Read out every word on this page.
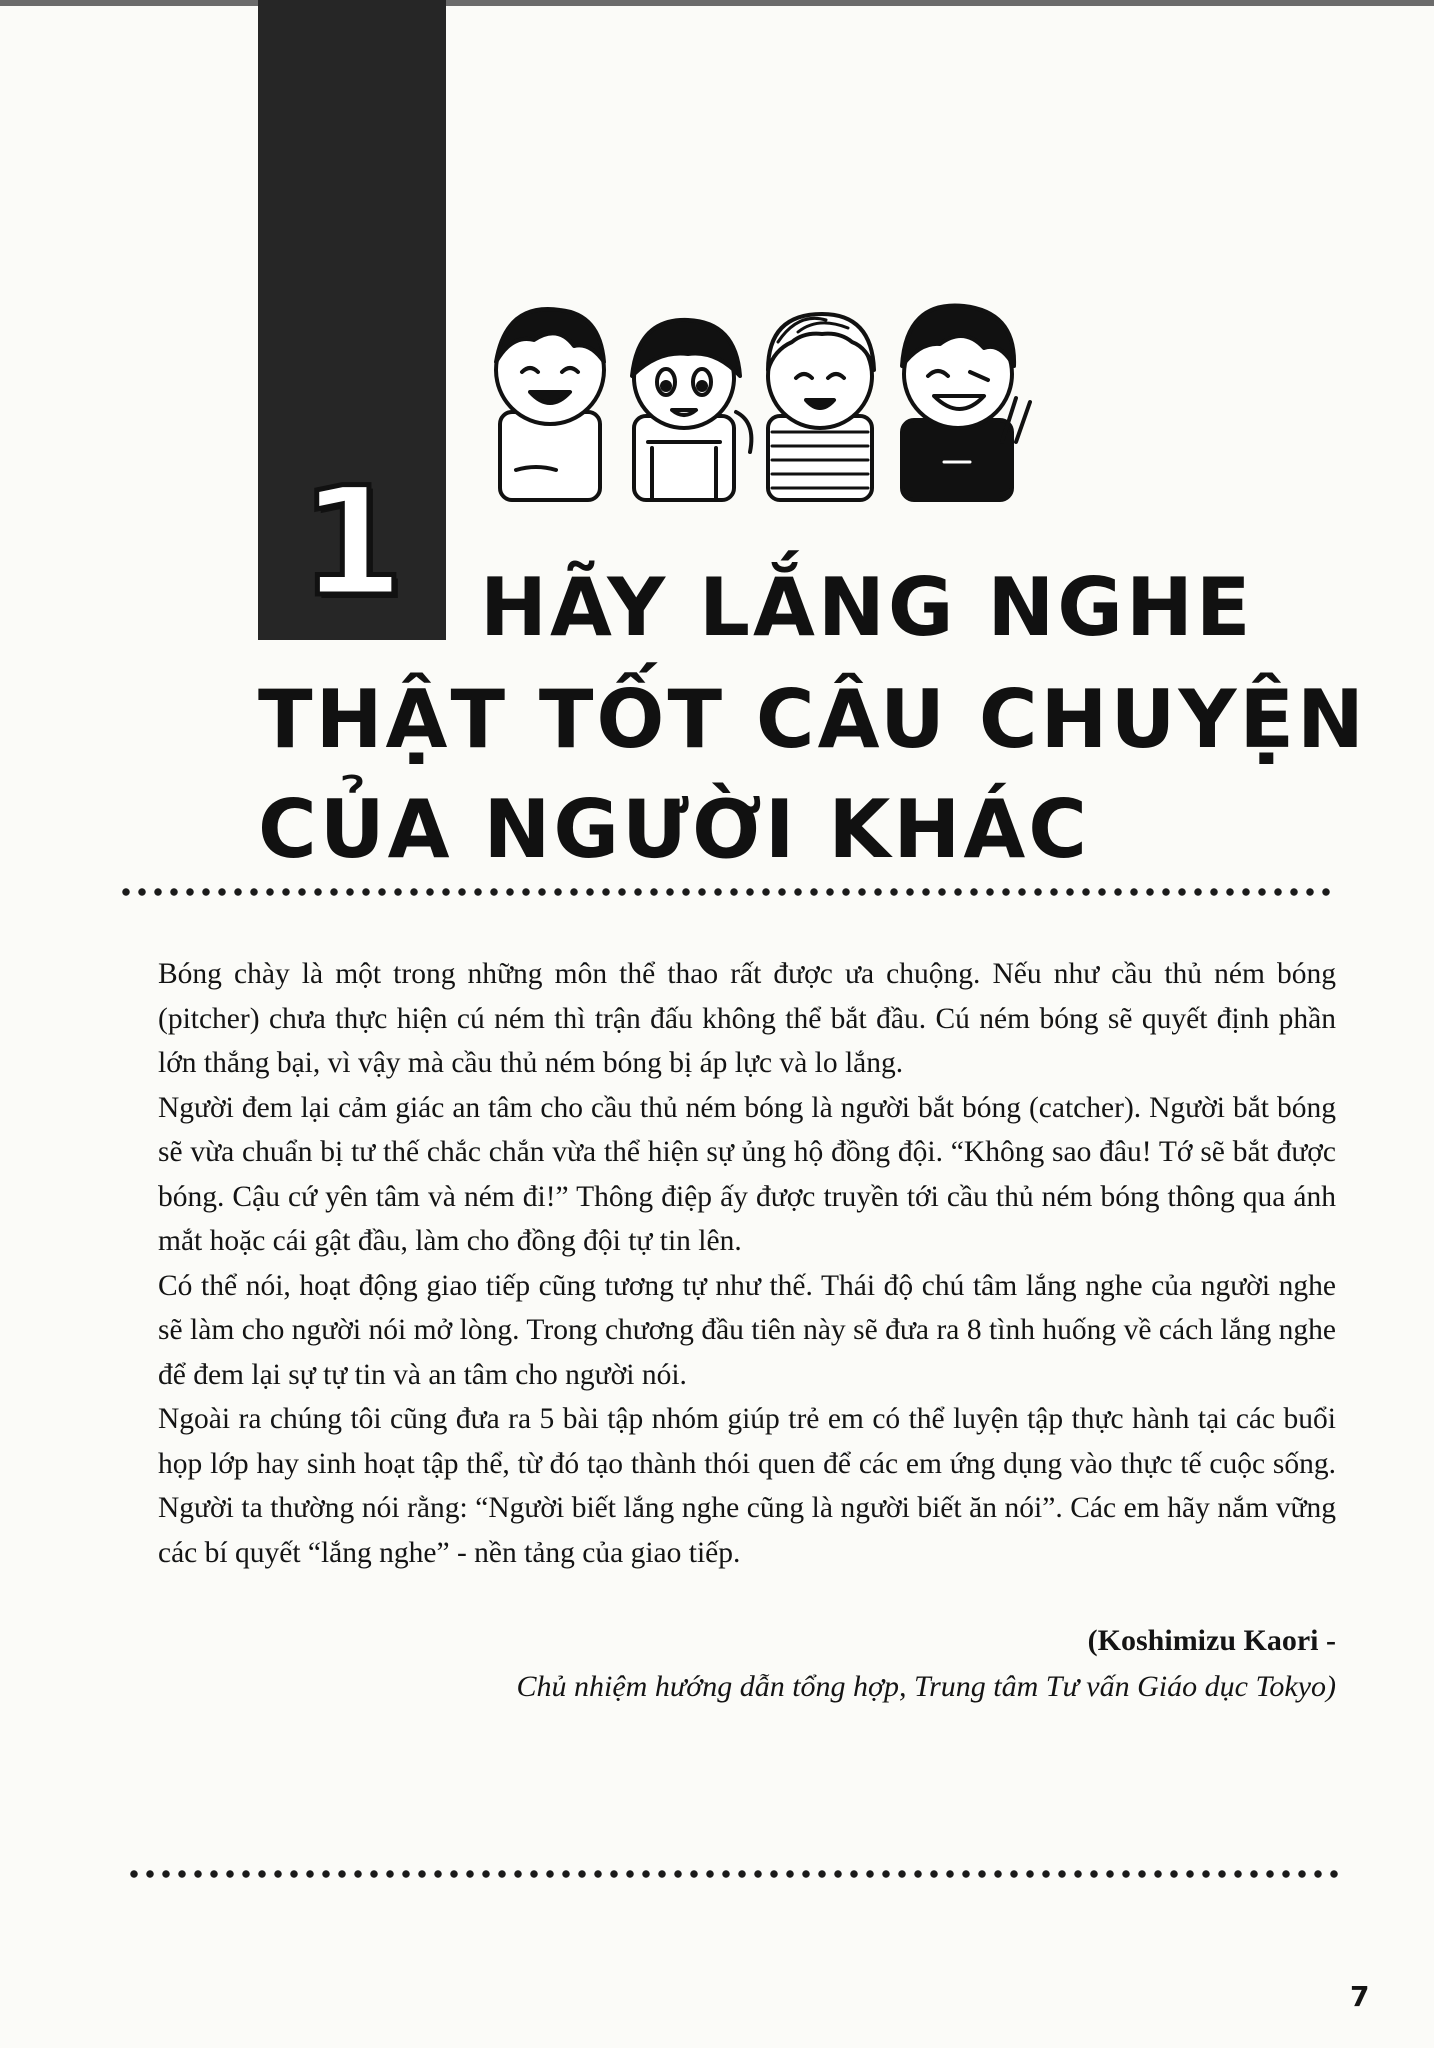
1 HÃY LẮNG NGHE
THẬT TỐT CÂU CHUYỆN
CỦA NGƯỜI KHÁC

Bóng chày là một trong những môn thể thao rất được ưa chuộng. Nếu như cầu thủ ném bóng (pitcher) chưa thực hiện cú ném thì trận đấu không thể bắt đầu. Cú ném bóng sẽ quyết định phần lớn thắng bại, vì vậy mà cầu thủ ném bóng bị áp lực và lo lắng.

Người đem lại cảm giác an tâm cho cầu thủ ném bóng là người bắt bóng (catcher). Người bắt bóng sẽ vừa chuẩn bị tư thế chắc chắn vừa thể hiện sự ủng hộ đồng đội. “Không sao đâu! Tớ sẽ bắt được bóng. Cậu cứ yên tâm và ném đi!” Thông điệp ấy được truyền tới cầu thủ ném bóng thông qua ánh mắt hoặc cái gật đầu, làm cho đồng đội tự tin lên.

Có thể nói, hoạt động giao tiếp cũng tương tự như thế. Thái độ chú tâm lắng nghe của người nghe sẽ làm cho người nói mở lòng. Trong chương đầu tiên này sẽ đưa ra 8 tình huống về cách lắng nghe để đem lại sự tự tin và an tâm cho người nói.

Ngoài ra chúng tôi cũng đưa ra 5 bài tập nhóm giúp trẻ em có thể luyện tập thực hành tại các buổi họp lớp hay sinh hoạt tập thể, từ đó tạo thành thói quen để các em ứng dụng vào thực tế cuộc sống. Người ta thường nói rằng: “Người biết lắng nghe cũng là người biết ăn nói”. Các em hãy nắm vững các bí quyết “lắng nghe” - nền tảng của giao tiếp.

(Koshimizu Kaori -
Chủ nhiệm hướng dẫn tổng hợp, Trung tâm Tư vấn Giáo dục Tokyo)
7
